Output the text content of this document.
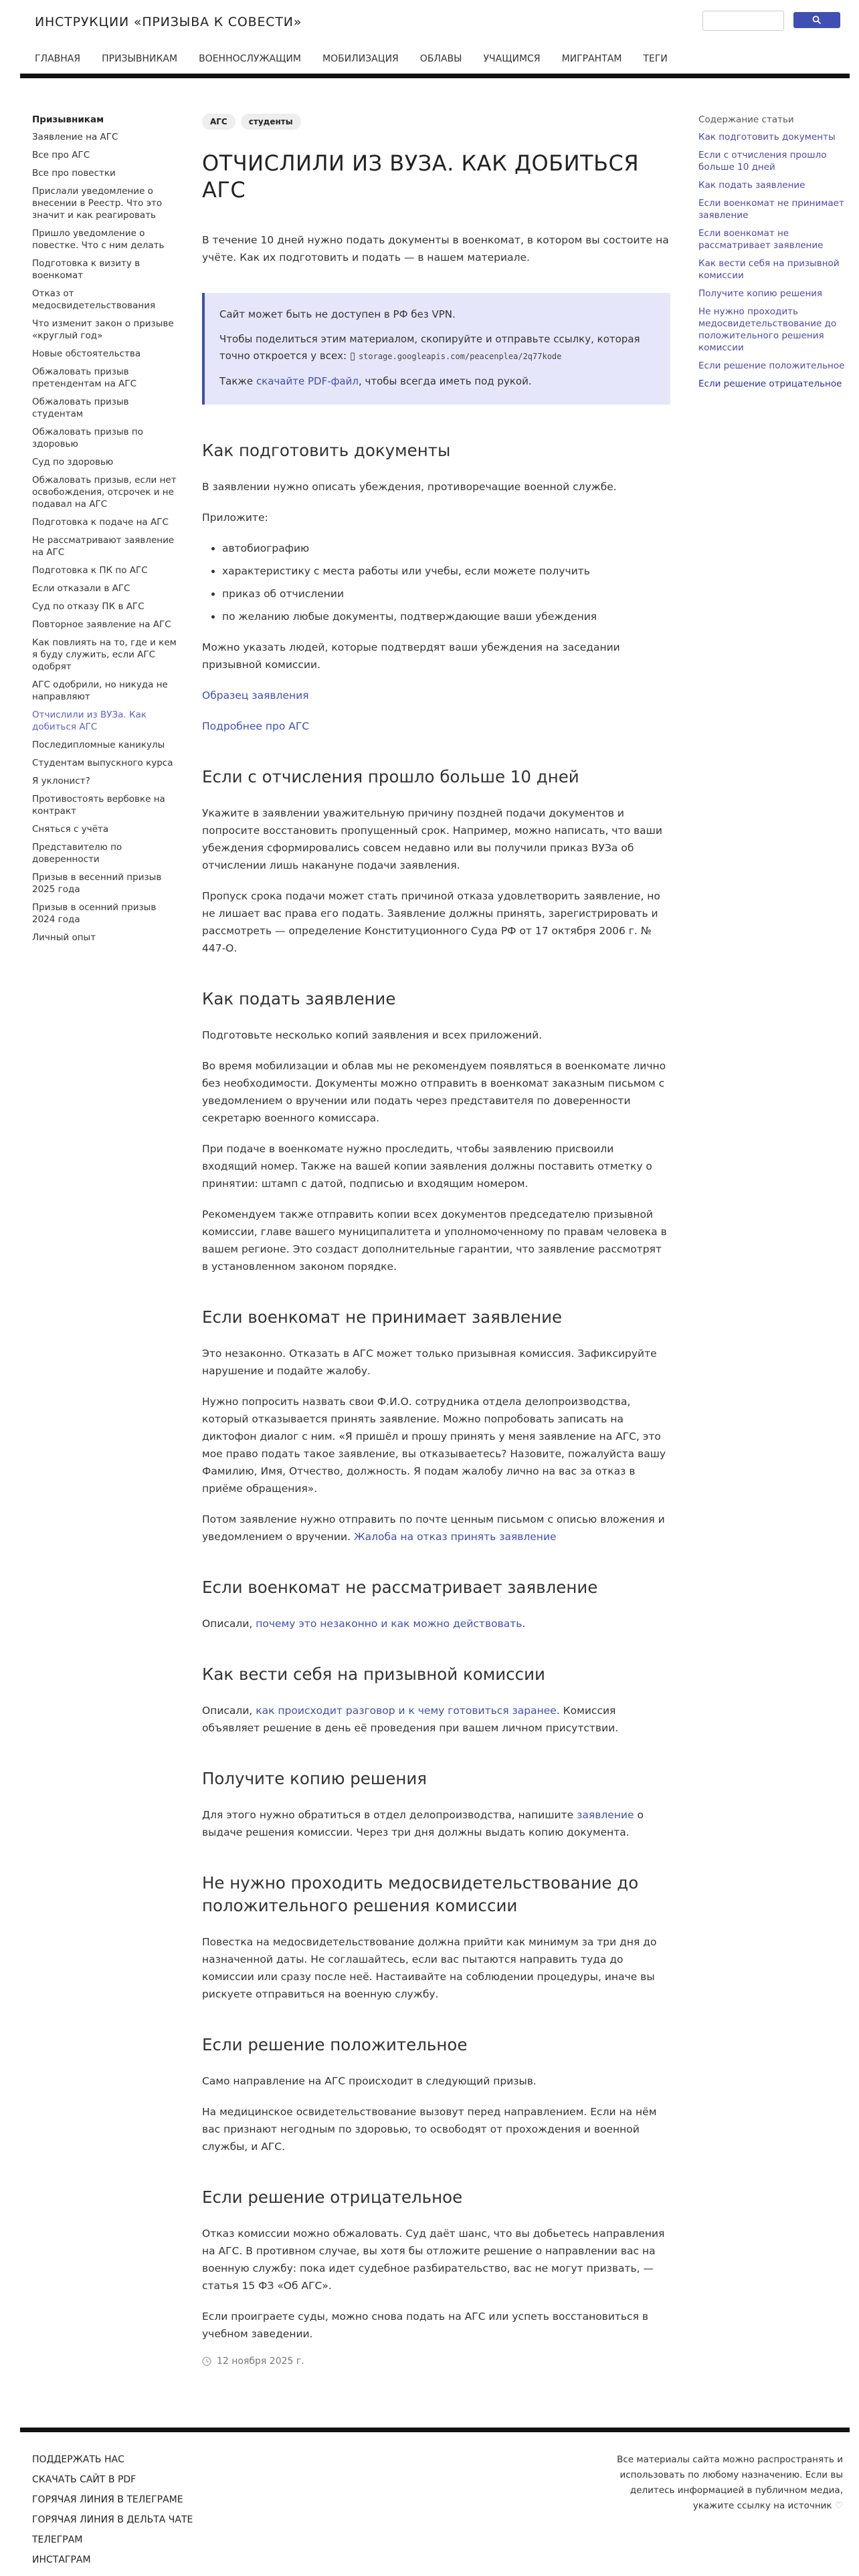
ИНСТРУКЦИИ «ПРИЗЫВА К СОВЕСТИ»
ГЛАВНАЯ ПРИЗЫВНИКАМ ВОЕННОСЛУЖАЩИМ МОБИЛИЗАЦИЯ ОБЛАВЫ УЧАЩИМСЯ МИГРАНТАМ ТЕГИ
Призывникам
Заявление на АГС
Все про АГС
Все про повестки
Прислали уведомление о внесении в Реестр. Что это значит и как реагировать
Пришло уведомление о повестке. Что с ним делать
Подготовка к визиту в военкомат
Отказ от медосвидетельствования
Что изменит закон о призыве «круглый год»
Новые обстоятельства
Обжаловать призыв претендентам на АГС
Обжаловать призыв студентам
Обжаловать призыв по здоровью
Суд по здоровью
Обжаловать призыв, если нет освобождения, отсрочек и не подавал на АГС
Подготовка к подаче на АГС
Не рассматривают заявление на АГС
Подготовка к ПК по АГС
Если отказали в АГС
Суд по отказу ПК в АГС
Повторное заявление на АГС
Как повлиять на то, где и кем я буду служить, если АГС одобрят
АГС одобрили, но никуда не направляют
Отчислили из ВУЗа. Как добиться АГС
Последипломные каникулы
Студентам выпускного курса
Я уклонист?
Противостоять вербовке на контракт
Сняться с учёта
Представителю по доверенности
Призыв в весенний призыв 2025 года
Призыв в осенний призыв 2024 года
Личный опыт
АГС	студенты
ОТЧИСЛИЛИ ИЗ ВУЗА. КАК ДОБИТЬСЯ АГС

В течение 10 дней нужно подать документы в военкомат, в котором вы состоите на учёте. Как их подготовить и подать — в нашем материале.

Сайт может быть не доступен в РФ без VPN.

Чтобы поделиться этим материалом, скопируйте и отправьте ссылку, которая точно откроется у всех: ▯ storage.googleapis.com/peacenplea/2q77kode

Также скачайте PDF-файл, чтобы всегда иметь под рукой.

Как подготовить документы

В заявлении нужно описать убеждения, противоречащие военной службе.

Приложите:

• автобиографию
• характеристику с места работы или учебы, если можете получить
• приказ об отчислении
• по желанию любые документы, подтверждающие ваши убеждения

Можно указать людей, которые подтвердят ваши убеждения на заседании призывной комиссии.

Образец заявления

Подробнее про АГС

Если с отчисления прошло больше 10 дней

Укажите в заявлении уважительную причину поздней подачи документов и попросите восстановить пропущенный срок. Например, можно написать, что ваши убеждения сформировались совсем недавно или вы получили приказ ВУЗа об отчислении лишь накануне подачи заявления.

Пропуск срока подачи может стать причиной отказа удовлетворить заявление, но не лишает вас права его подать. Заявление должны принять, зарегистрировать и рассмотреть — определение Конституционного Суда РФ от 17 октября 2006 г. № 447-О.

Как подать заявление

Подготовьте несколько копий заявления и всех приложений.

Во время мобилизации и облав мы не рекомендуем появляться в военкомате лично без необходимости. Документы можно отправить в военкомат заказным письмом с уведомлением о вручении или подать через представителя по доверенности секретарю военного комиссара.

При подаче в военкомате нужно проследить, чтобы заявлению присвоили входящий номер. Также на вашей копии заявления должны поставить отметку о принятии: штамп с датой, подписью и входящим номером.

Рекомендуем также отправить копии всех документов председателю призывной комиссии, главе вашего муниципалитета и уполномоченному по правам человека в вашем регионе. Это создаст дополнительные гарантии, что заявление рассмотрят в установленном законом порядке.

Если военкомат не принимает заявление

Это незаконно. Отказать в АГС может только призывная комиссия. Зафиксируйте нарушение и подайте жалобу.

Нужно попросить назвать свои Ф.И.О. сотрудника отдела делопроизводства, который отказывается принять заявление. Можно попробовать записать на диктофон диалог с ним. «Я пришёл и прошу принять у меня заявление на АГС, это мое право подать такое заявление, вы отказываетесь? Назовите, пожалуйста вашу Фамилию, Имя, Отчество, должность. Я подам жалобу лично на вас за отказ в приёме обращения».

Потом заявление нужно отправить по почте ценным письмом с описью вложения и уведомлением о вручении. Жалоба на отказ принять заявление

Если военкомат не рассматривает заявление

Описали, почему это незаконно и как можно действовать.

Как вести себя на призывной комиссии

Описали, как происходит разговор и к чему готовиться заранее. Комиссия объявляет решение в день её проведения при вашем личном присутствии.

Получите копию решения

Для этого нужно обратиться в отдел делопроизводства, напишите заявление о выдаче решения комиссии. Через три дня должны выдать копию документа.

Не нужно проходить медосвидетельствование до положительного решения комиссии

Повестка на медосвидетельствование должна прийти как минимум за три дня до назначенной даты. Не соглашайтесь, если вас пытаются направить туда до комиссии или сразу после неё. Настаивайте на соблюдении процедуры, иначе вы рискуете отправиться на военную службу.

Если решение положительное

Само направление на АГС происходит в следующий призыв.

На медицинское освидетельствование вызовут перед направлением. Если на нём вас признают негодным по здоровью, то освободят от прохождения и военной службы, и АГС.

Если решение отрицательное

Отказ комиссии можно обжаловать. Суд даёт шанс, что вы добьетесь направления на АГС. В противном случае, вы хотя бы отложите решение о направлении вас на военную службу: пока идет судебное разбирательство, вас не могут призвать, — статья 15 ФЗ «Об АГС».

Если проиграете суды, можно снова подать на АГС или успеть восстановиться в учебном заведении.

12 ноября 2025 г.
Содержание статьи
Как подготовить документы
Если с отчисления прошло больше 10 дней
Как подать заявление
Если военкомат не принимает заявление
Если военкомат не рассматривает заявление
Как вести себя на призывной комиссии
Получите копию решения
Не нужно проходить медосвидетельствование до положительного решения комиссии
Если решение положительное
Если решение отрицательное
ПОДДЕРЖАТЬ НАС
СКАЧАТЬ САЙТ В PDF
ГОРЯЧАЯ ЛИНИЯ В ТЕЛЕГРАМЕ
ГОРЯЧАЯ ЛИНИЯ В ДЕЛЬТА ЧАТЕ
ТЕЛЕГРАМ
ИНСТАГРАМ
Все материалы сайта можно распространять и использовать по любому назначению. Если вы делитесь информацией в публичном медиа, укажите ссылку на источник ♡
